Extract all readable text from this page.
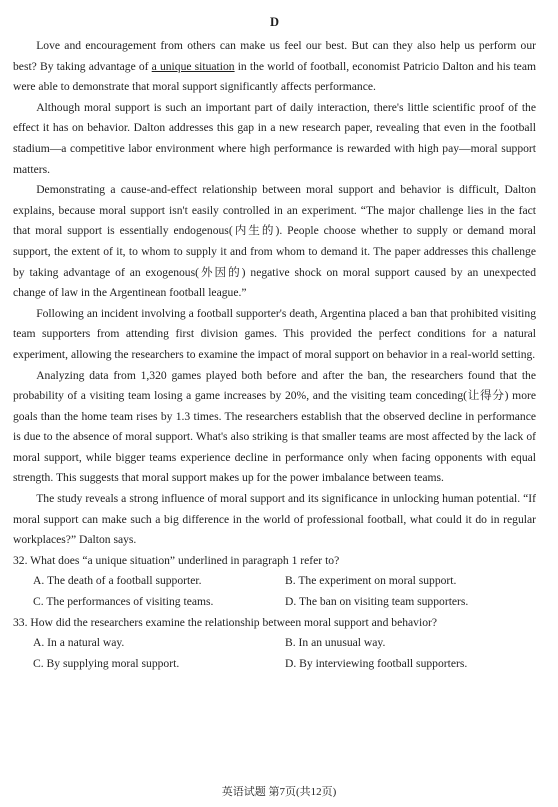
D

Love and encouragement from others can make us feel our best. But can they also help us perform our best? By taking advantage of a unique situation in the world of football, economist Patricio Dalton and his team were able to demonstrate that moral support significantly affects performance.

Although moral support is such an important part of daily interaction, there's little scientific proof of the effect it has on behavior. Dalton addresses this gap in a new research paper, revealing that even in the football stadium—a competitive labor environment where high performance is rewarded with high pay—moral support matters.

Demonstrating a cause-and-effect relationship between moral support and behavior is difficult, Dalton explains, because moral support isn't easily controlled in an experiment. “The major challenge lies in the fact that moral support is essentially endogenous(内生的). People choose whether to supply or demand moral support, the extent of it, to whom to supply it and from whom to demand it. The paper addresses this challenge by taking advantage of an exogenous(外因的) negative shock on moral support caused by an unexpected change of law in the Argentinean football league.”

Following an incident involving a football supporter's death, Argentina placed a ban that prohibited visiting team supporters from attending first division games. This provided the perfect conditions for a natural experiment, allowing the researchers to examine the impact of moral support on behavior in a real-world setting.

Analyzing data from 1,320 games played both before and after the ban, the researchers found that the probability of a visiting team losing a game increases by 20%, and the visiting team conceding(让得分) more goals than the home team rises by 1.3 times. The researchers establish that the observed decline in performance is due to the absence of moral support. What's also striking is that smaller teams are most affected by the lack of moral support, while bigger teams experience decline in performance only when facing opponents with equal strength. This suggests that moral support makes up for the power imbalance between teams.

The study reveals a strong influence of moral support and its significance in unlocking human potential. “If moral support can make such a big difference in the world of professional football, what could it do in regular workplaces?” Dalton says.

32. What does “a unique situation” underlined in paragraph 1 refer to?

A. The death of a football supporter.	B. The experiment on moral support.
C. The performances of visiting teams.	D. The ban on visiting team supporters.

33. How did the researchers examine the relationship between moral support and behavior?

A. In a natural way.	B. In an unusual way.
C. By supplying moral support.	D. By interviewing football supporters.
英语试题 第7页(共12页)
